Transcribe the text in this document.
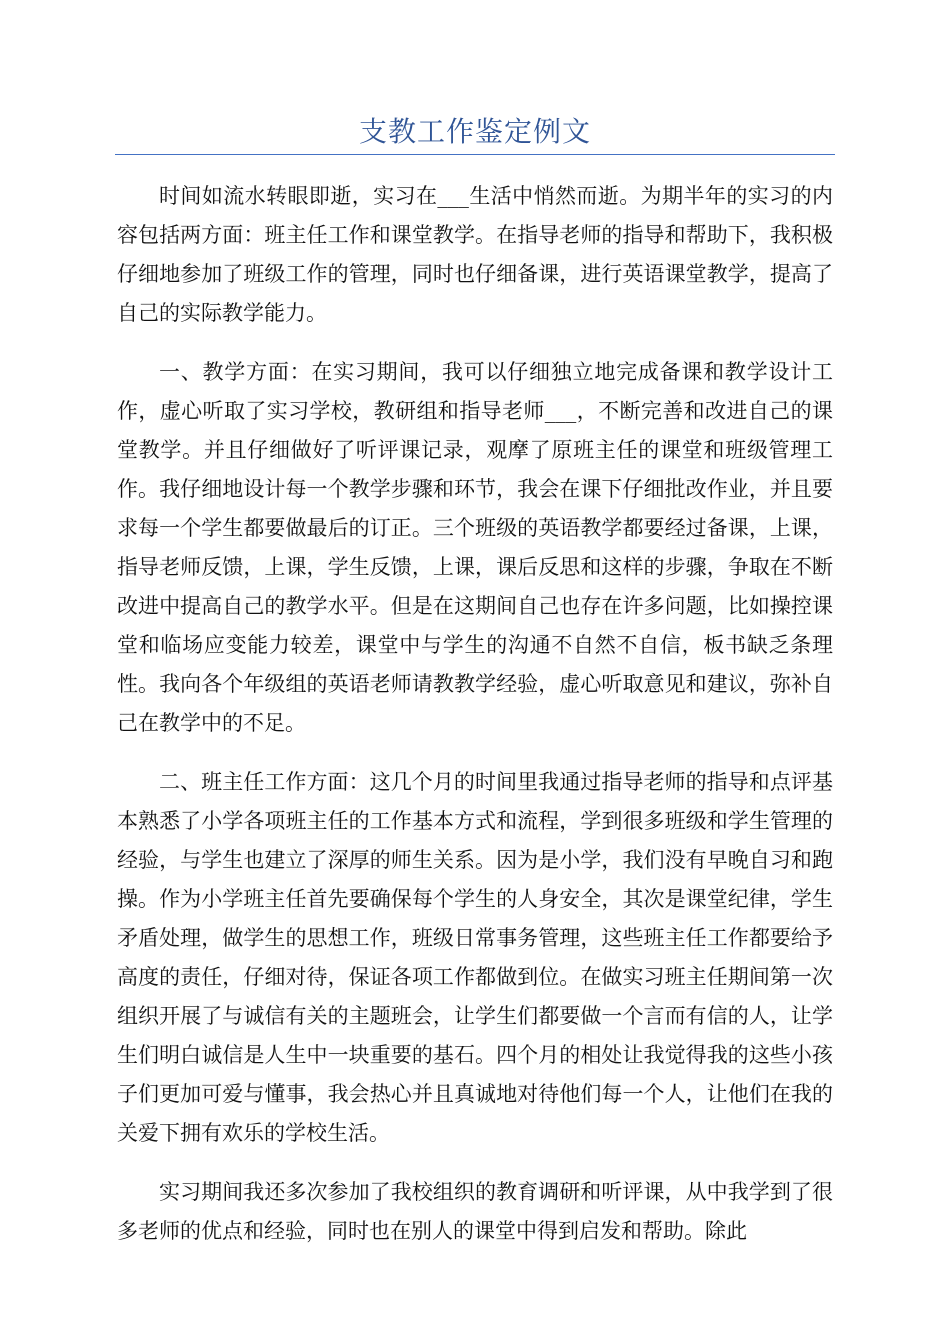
支教工作鉴定例文

时间如流水转眼即逝，实习在___生活中悄然而逝。为期半年的实习的内容包括两方面：班主任工作和课堂教学。在指导老师的指导和帮助下，我积极仔细地参加了班级工作的管理，同时也仔细备课，进行英语课堂教学，提高了自己的实际教学能力。

一、教学方面：在实习期间，我可以仔细独立地完成备课和教学设计工作，虚心听取了实习学校，教研组和指导老师___，不断完善和改进自己的课堂教学。并且仔细做好了听评课记录，观摩了原班主任的课堂和班级管理工作。我仔细地设计每一个教学步骤和环节，我会在课下仔细批改作业，并且要求每一个学生都要做最后的订正。三个班级的英语教学都要经过备课，上课，指导老师反馈，上课，学生反馈，上课，课后反思和这样的步骤，争取在不断改进中提高自己的教学水平。但是在这期间自己也存在许多问题，比如操控课堂和临场应变能力较差，课堂中与学生的沟通不自然不自信，板书缺乏条理性。我向各个年级组的英语老师请教教学经验，虚心听取意见和建议，弥补自己在教学中的不足。

二、班主任工作方面：这几个月的时间里我通过指导老师的指导和点评基本熟悉了小学各项班主任的工作基本方式和流程，学到很多班级和学生管理的经验，与学生也建立了深厚的师生关系。因为是小学，我们没有早晚自习和跑操。作为小学班主任首先要确保每个学生的人身安全，其次是课堂纪律，学生矛盾处理，做学生的思想工作，班级日常事务管理，这些班主任工作都要给予高度的责任，仔细对待，保证各项工作都做到位。在做实习班主任期间第一次组织开展了与诚信有关的主题班会，让学生们都要做一个言而有信的人，让学生们明白诚信是人生中一块重要的基石。四个月的相处让我觉得我的这些小孩子们更加可爱与懂事，我会热心并且真诚地对待他们每一个人，让他们在我的关爱下拥有欢乐的学校生活。

实习期间我还多次参加了我校组织的教育调研和听评课，从中我学到了很多老师的优点和经验，同时也在别人的课堂中得到启发和帮助。除此
